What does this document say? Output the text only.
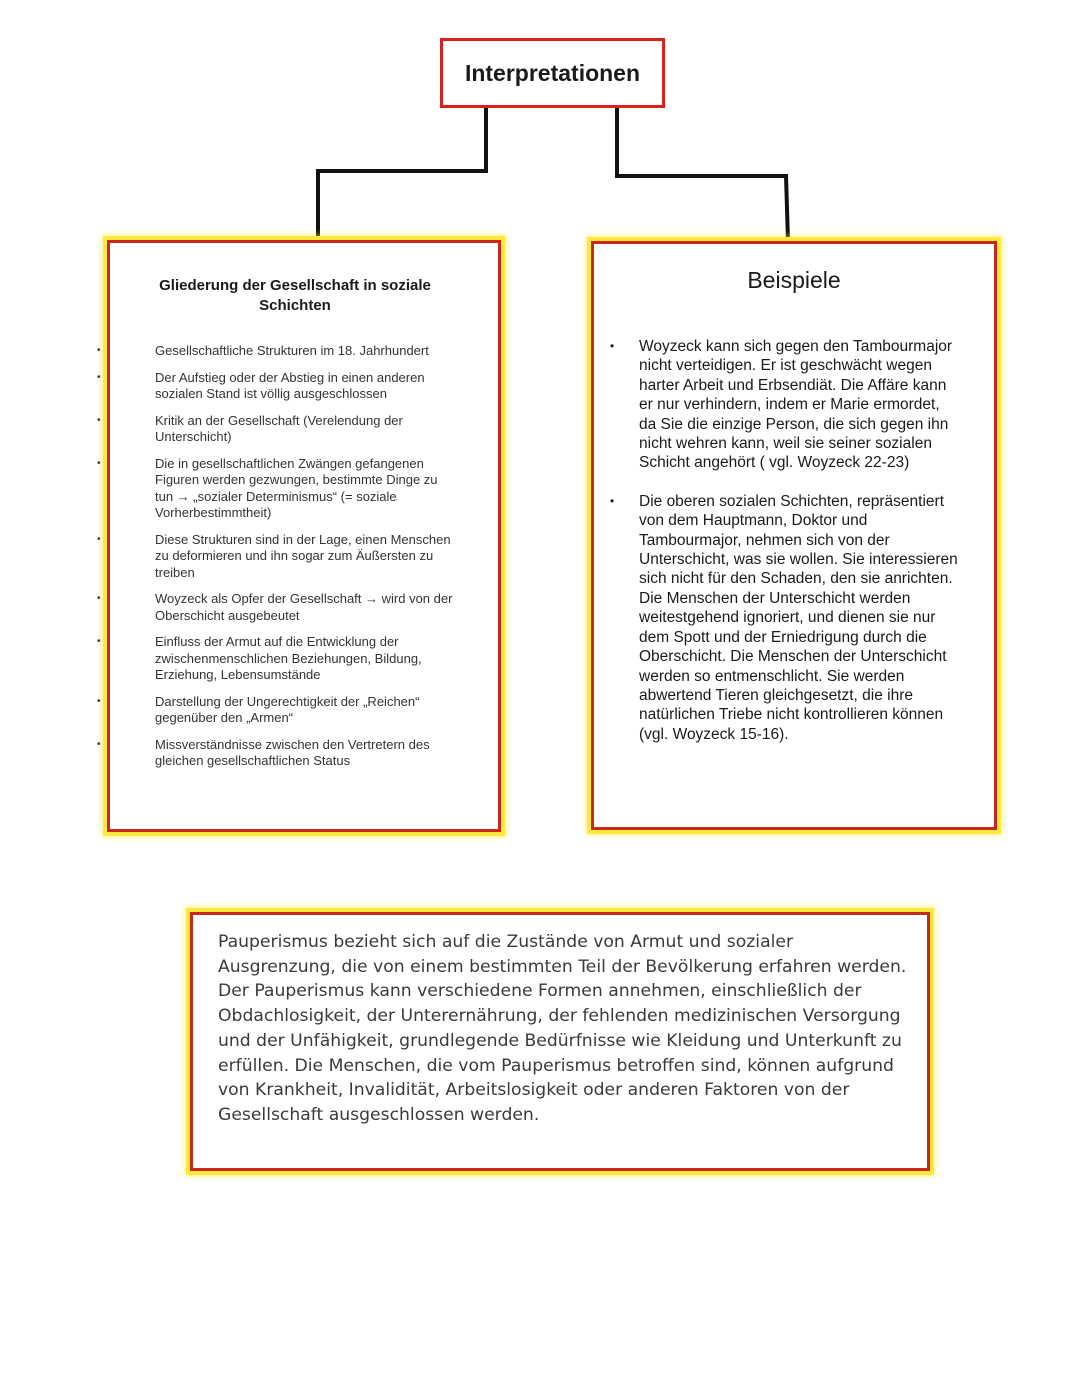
Interpretationen
Gliederung der Gesellschaft in soziale Schichten
•	Gesellschaftliche Strukturen im 18. Jahrhundert
•	Der Aufstieg oder der Abstieg in einen anderen sozialen Stand ist völlig ausgeschlossen
•	Kritik an der Gesellschaft (Verelendung der Unterschicht)
•	Die in gesellschaftlichen Zwängen gefangenen Figuren werden gezwungen, bestimmte Dinge zu tun → „sozialer Determinismus“ (= soziale Vorherbestimmtheit)
•	Diese Strukturen sind in der Lage, einen Menschen zu deformieren und ihn sogar zum Äußersten zu treiben
•	Woyzeck als Opfer der Gesellschaft → wird von der Oberschicht ausgebeutet
•	Einfluss der Armut auf die Entwicklung der zwischenmenschlichen Beziehungen, Bildung, Erziehung, Lebensumstände
•	Darstellung der Ungerechtigkeit der „Reichen“ gegenüber den „Armen“
•	Missverständnisse zwischen den Vertretern des gleichen gesellschaftlichen Status
Beispiele
• Woyzeck kann sich gegen den Tambourmajor nicht verteidigen. Er ist geschwächt wegen harter Arbeit und Erbsendiät. Die Affäre kann er nur verhindern, indem er Marie ermordet, da Sie die einzige Person, die sich gegen ihn nicht wehren kann, weil sie seiner sozialen Schicht angehört ( vgl. Woyzeck 22-23)
• Die oberen sozialen Schichten, repräsentiert von dem Hauptmann, Doktor und Tambourmajor, nehmen sich von der Unterschicht, was sie wollen. Sie interessieren sich nicht für den Schaden, den sie anrichten. Die Menschen der Unterschicht werden weitestgehend ignoriert, und dienen sie nur dem Spott und der Erniedrigung durch die Oberschicht. Die Menschen der Unterschicht werden so entmenschlicht. Sie werden abwertend Tieren gleichgesetzt, die ihre natürlichen Triebe nicht kontrollieren können (vgl. Woyzeck 15-16).
Pauperismus bezieht sich auf die Zustände von Armut und sozialer Ausgrenzung, die von einem bestimmten Teil der Bevölkerung erfahren werden. Der Pauperismus kann verschiedene Formen annehmen, einschließlich der Obdachlosigkeit, der Unterernährung, der fehlenden medizinischen Versorgung und der Unfähigkeit, grundlegende Bedürfnisse wie Kleidung und Unterkunft zu erfüllen. Die Menschen, die vom Pauperismus betroffen sind, können aufgrund von Krankheit, Invalidität, Arbeitslosigkeit oder anderen Faktoren von der Gesellschaft ausgeschlossen werden.
